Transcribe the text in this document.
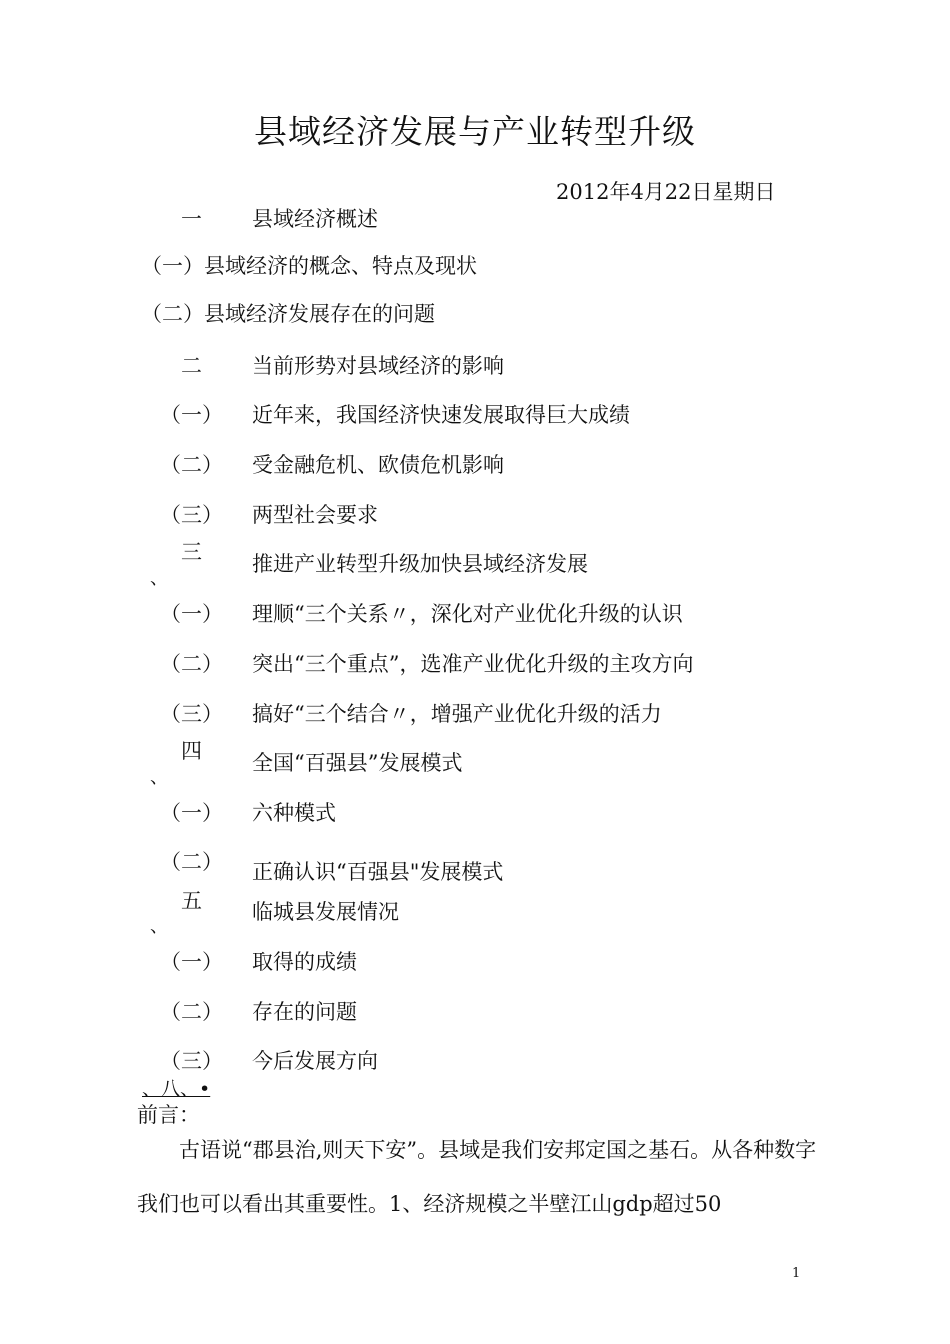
县域经济发展与产业转型升级
2012年4月22日星期日
一 县域经济概述
（一）县域经济的概念、特点及现状
（二）县域经济发展存在的问题
二 当前形势对县域经济的影响
（一） 近年来，我国经济快速发展取得巨大成绩
（二） 受金融危机、欧债危机影响
（三） 两型社会要求
三
、
推进产业转型升级加快县域经济发展
（一） 理顺“三个关系〃，深化对产业优化升级的认识
（二） 突出“三个重点”，选准产业优化升级的主攻方向
（三） 搞好“三个结合〃，增强产业优化升级的活力
四
、
全国“百强县”发展模式
（一） 六种模式
（二） 正确认识“百强县"发展模式
五
、
临城县发展情况
（一） 取得的成绩
（二） 存在的问题
（三） 今后发展方向
、八、•
前言：
古语说“郡县治,则天下安”。县域是我们安邦定国之基石。从各种数字我们也可以看出其重要性。1、经济规模之半壁江山gdp超过50
1
